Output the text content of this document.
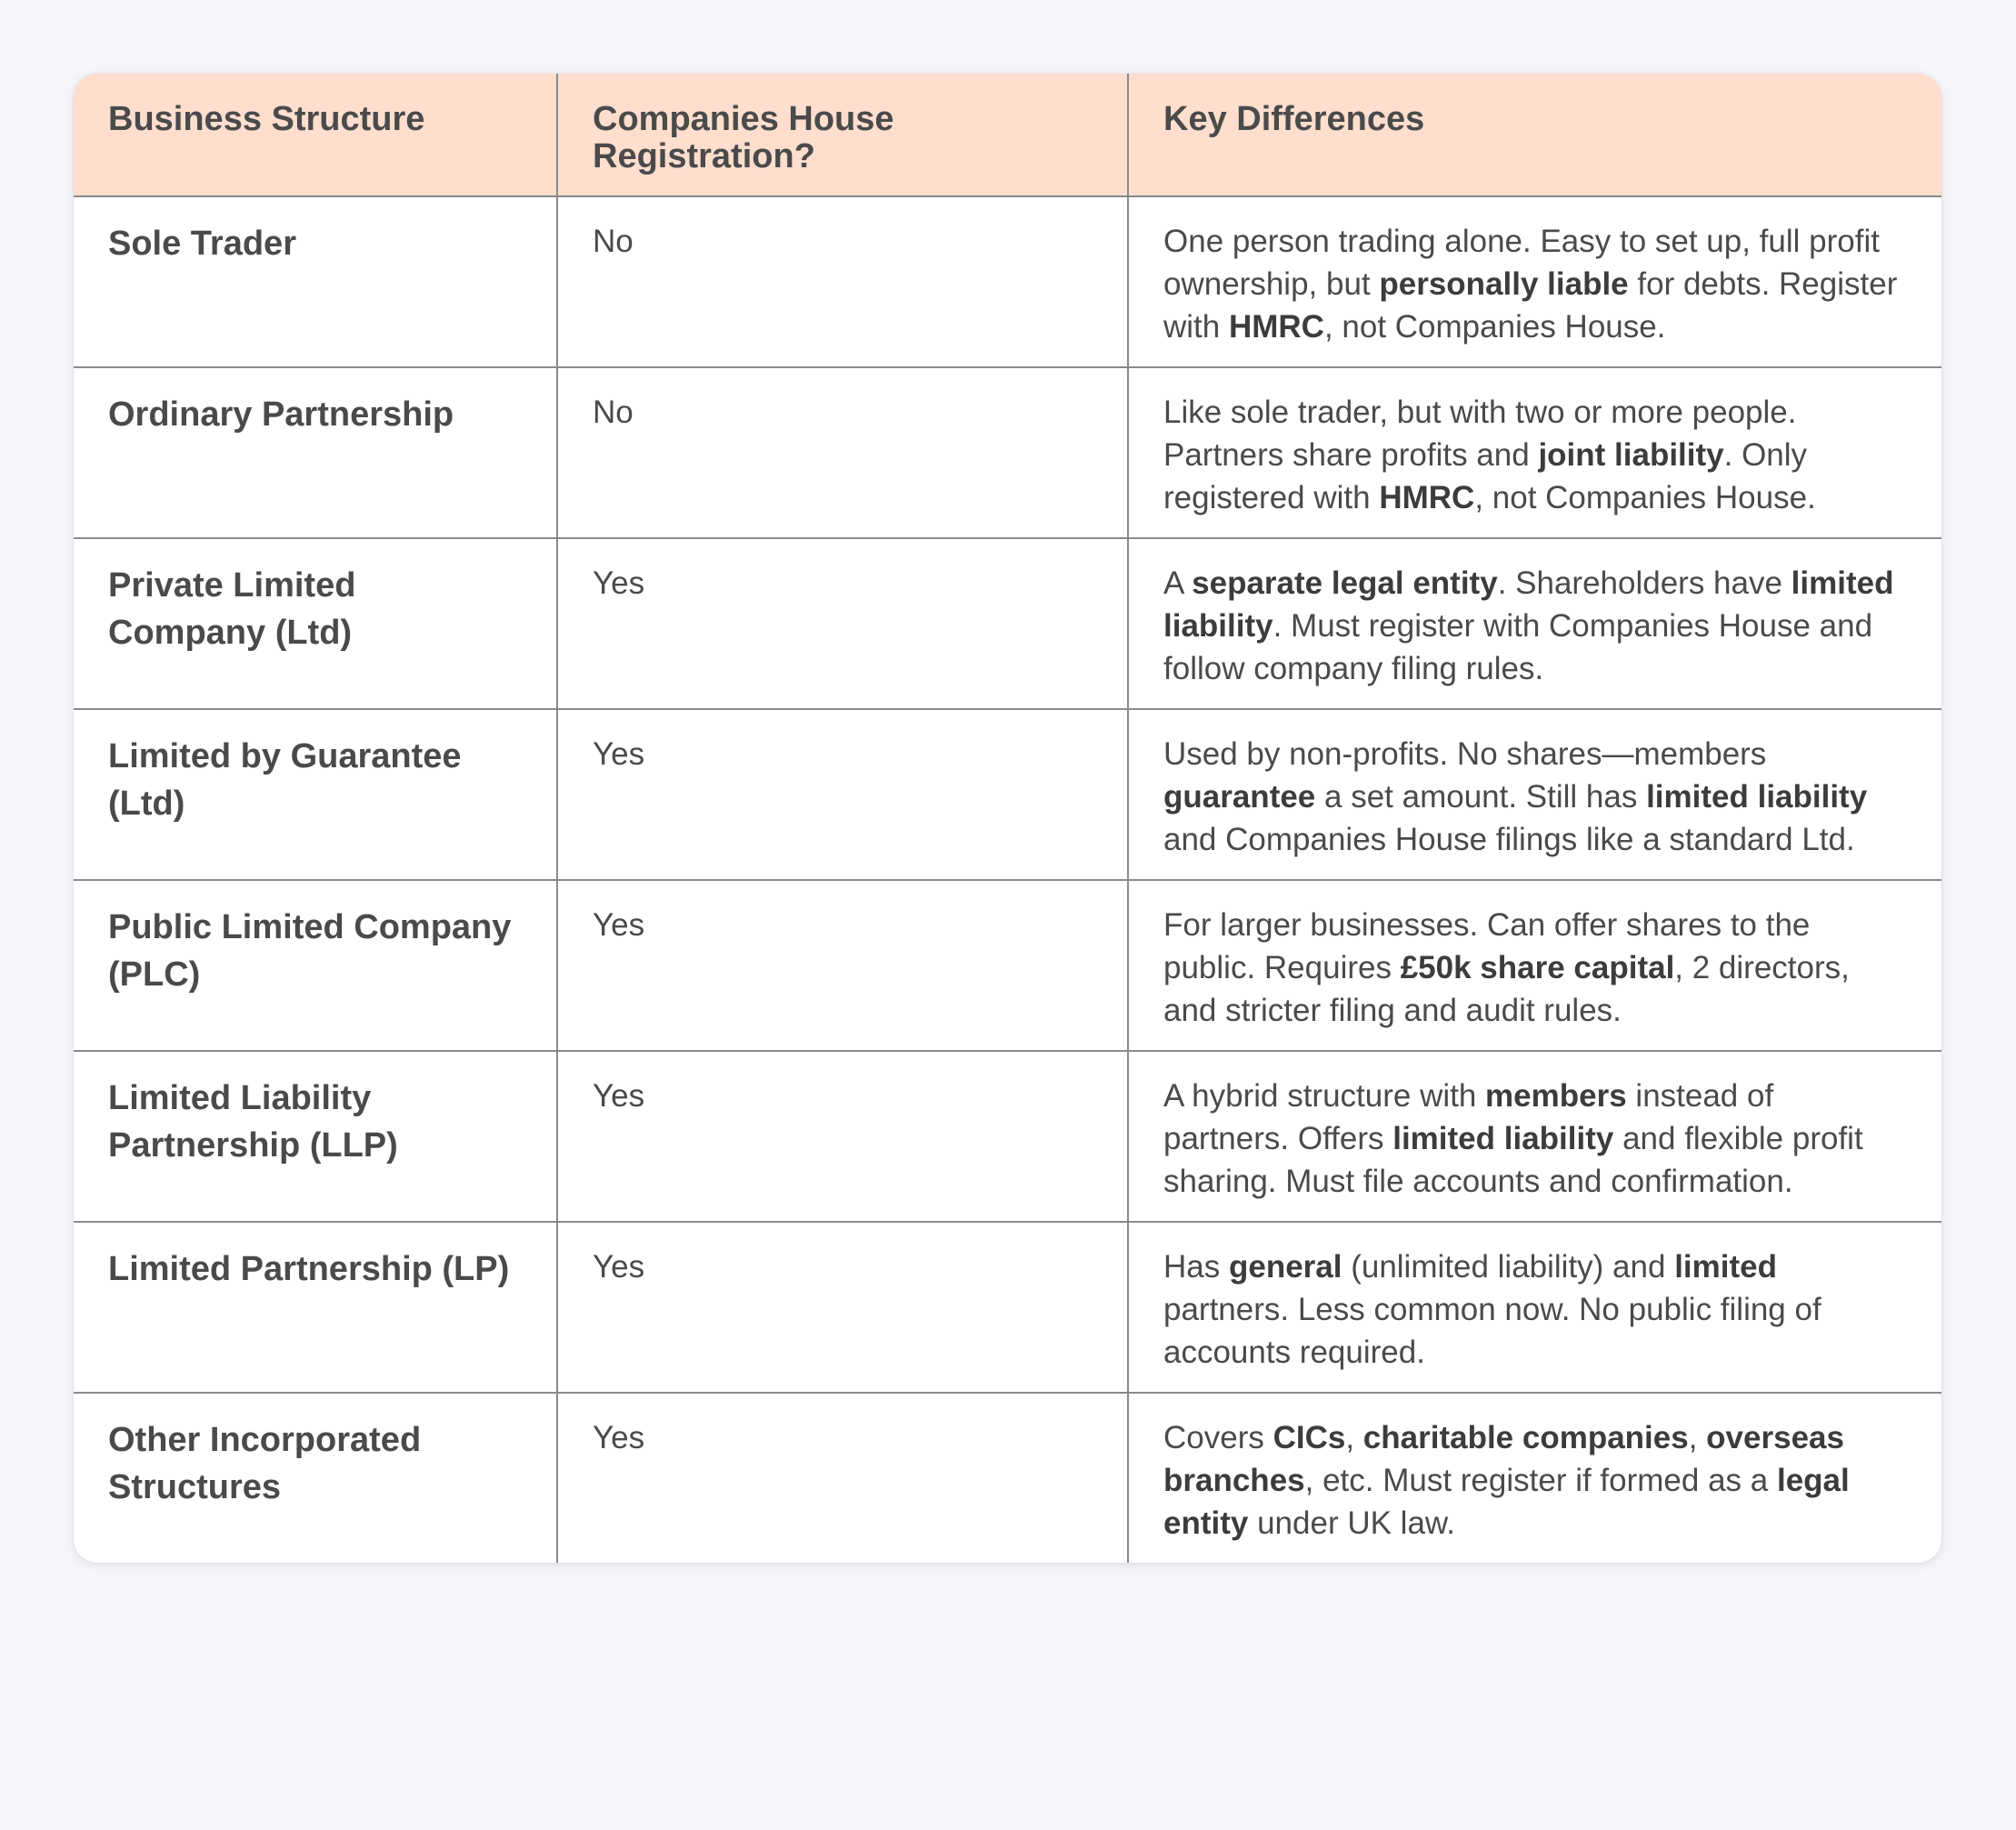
Business Structure	Companies House Registration?	Key Differences
Sole Trader	No	One person trading alone. Easy to set up, full profit ownership, but personally liable for debts. Register with HMRC, not Companies House.
Ordinary Partnership	No	Like sole trader, but with two or more people. Partners share profits and joint liability. Only registered with HMRC, not Companies House.
Private Limited Company (Ltd)	Yes	A separate legal entity. Shareholders have limited liability. Must register with Companies House and follow company filing rules.
Limited by Guarantee (Ltd)	Yes	Used by non-profits. No shares—members guarantee a set amount. Still has limited liability and Companies House filings like a standard Ltd.
Public Limited Company (PLC)	Yes	For larger businesses. Can offer shares to the public. Requires £50k share capital, 2 directors, and stricter filing and audit rules.
Limited Liability Partnership (LLP)	Yes	A hybrid structure with members instead of partners. Offers limited liability and flexible profit sharing. Must file accounts and confirmation.
Limited Partnership (LP)	Yes	Has general (unlimited liability) and limited partners. Less common now. No public filing of accounts required.
Other Incorporated Structures	Yes	Covers CICs, charitable companies, overseas branches, etc. Must register if formed as a legal entity under UK law.
